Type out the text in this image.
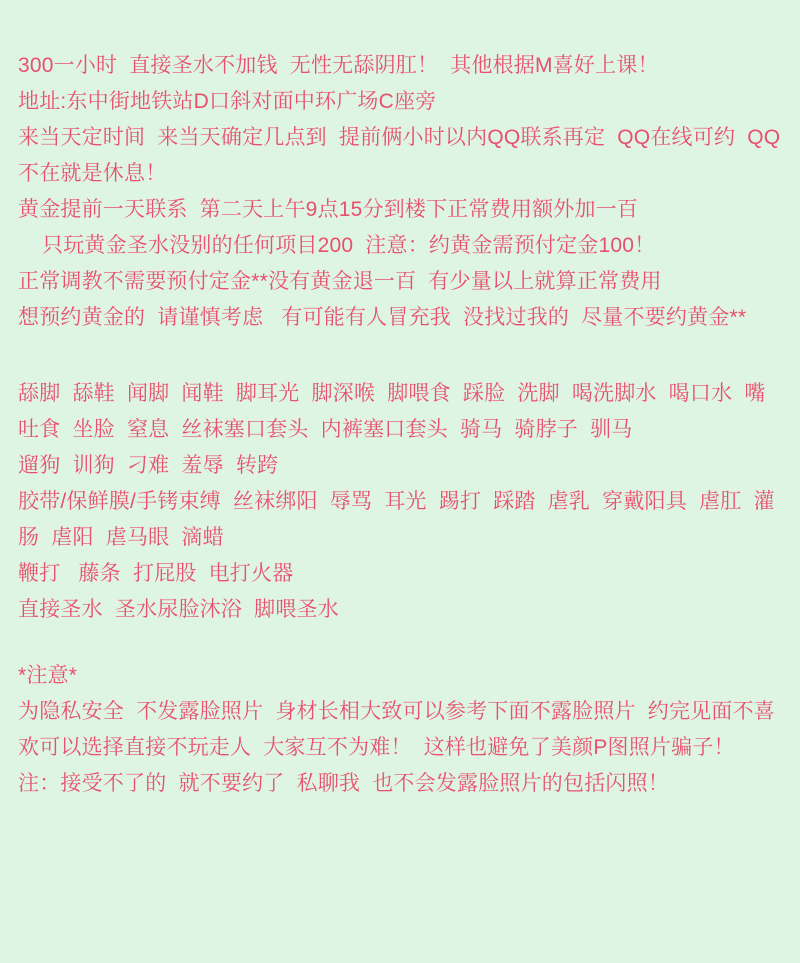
300一小时  直接圣水不加钱  无性无舔阴肛！  其他根据M喜好上课！
地址:东中街地铁站D口斜对面中环广场C座旁
来当天定时间  来当天确定几点到  提前俩小时以内QQ联系再定  QQ在线可约  QQ不在就是休息！
黄金提前一天联系  第二天上午9点15分到楼下正常费用额外加一百
只玩黄金圣水没别的任何项目200  注意：约黄金需预付定金100！
正常调教不需要预付定金**没有黄金退一百  有少量以上就算正常费用
想预约黄金的  请谨慎考虑   有可能有人冒充我  没找过我的  尽量不要约黄金**
舔脚  舔鞋  闻脚  闻鞋  脚耳光  脚深喉  脚喂食  踩脸  洗脚  喝洗脚水  喝口水  嘴吐食  坐脸  窒息  丝袜塞口套头  内裤塞口套头  骑马  骑脖子  驯马
遛狗  训狗  刁难  羞辱  转跨
胶带/保鲜膜/手铐束缚  丝袜绑阳  辱骂  耳光  踢打  踩踏  虐乳  穿戴阳具  虐肛  灌肠  虐阳  虐马眼  滴蜡
鞭打   藤条  打屁股  电打火器
直接圣水  圣水尿脸沐浴  脚喂圣水
*注意*
为隐私安全  不发露脸照片  身材长相大致可以参考下面不露脸照片  约完见面不喜欢可以选择直接不玩走人  大家互不为难！  这样也避免了美颜P图照片骗子！
注：接受不了的  就不要约了  私聊我  也不会发露脸照片的包括闪照！
